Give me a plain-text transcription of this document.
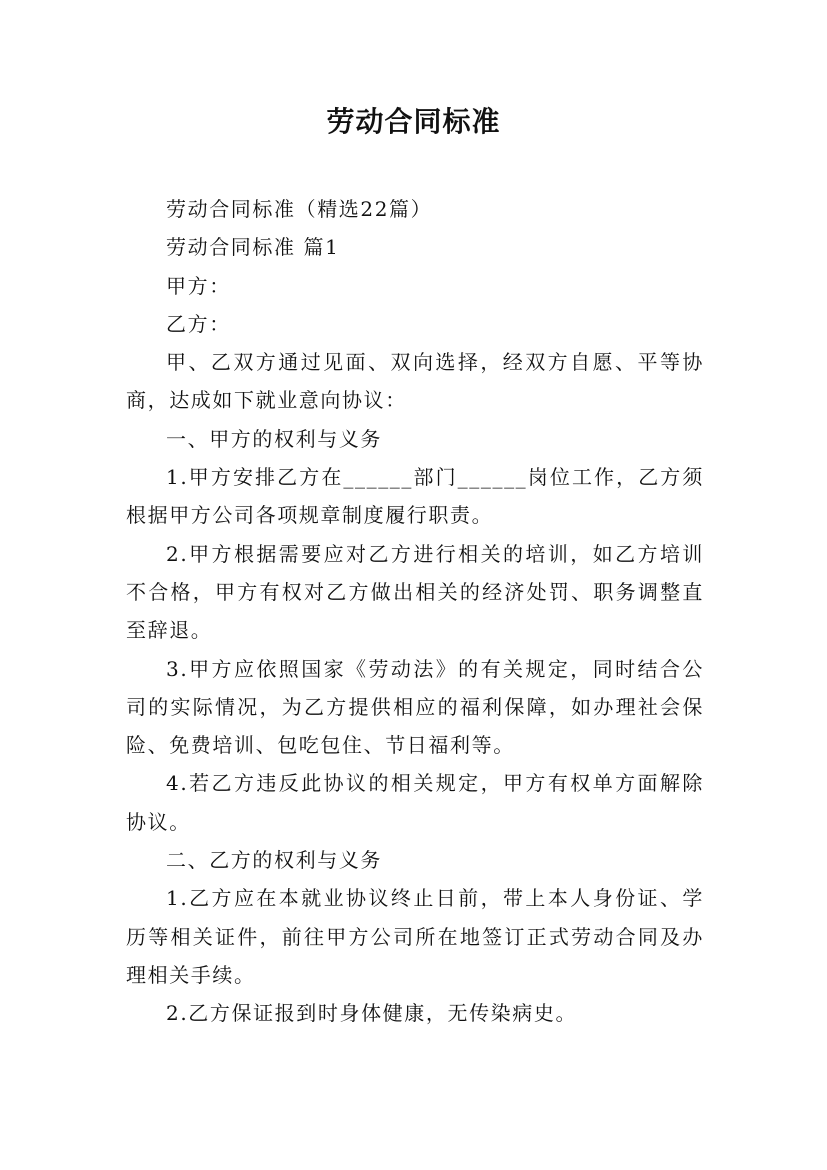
劳动合同标准

劳动合同标准（精选22篇）

劳动合同标准 篇1

甲方：

乙方：

甲、乙双方通过见面、双向选择，经双方自愿、平等协商，达成如下就业意向协议：

一、甲方的权利与义务

1.甲方安排乙方在______部门______岗位工作，乙方须根据甲方公司各项规章制度履行职责。

2.甲方根据需要应对乙方进行相关的培训，如乙方培训不合格，甲方有权对乙方做出相关的经济处罚、职务调整直至辞退。

3.甲方应依照国家《劳动法》的有关规定，同时结合公司的实际情况，为乙方提供相应的福利保障，如办理社会保险、免费培训、包吃包住、节日福利等。

4.若乙方违反此协议的相关规定，甲方有权单方面解除协议。

二、乙方的权利与义务

1.乙方应在本就业协议终止日前，带上本人身份证、学历等相关证件，前往甲方公司所在地签订正式劳动合同及办理相关手续。

2.乙方保证报到时身体健康，无传染病史。
